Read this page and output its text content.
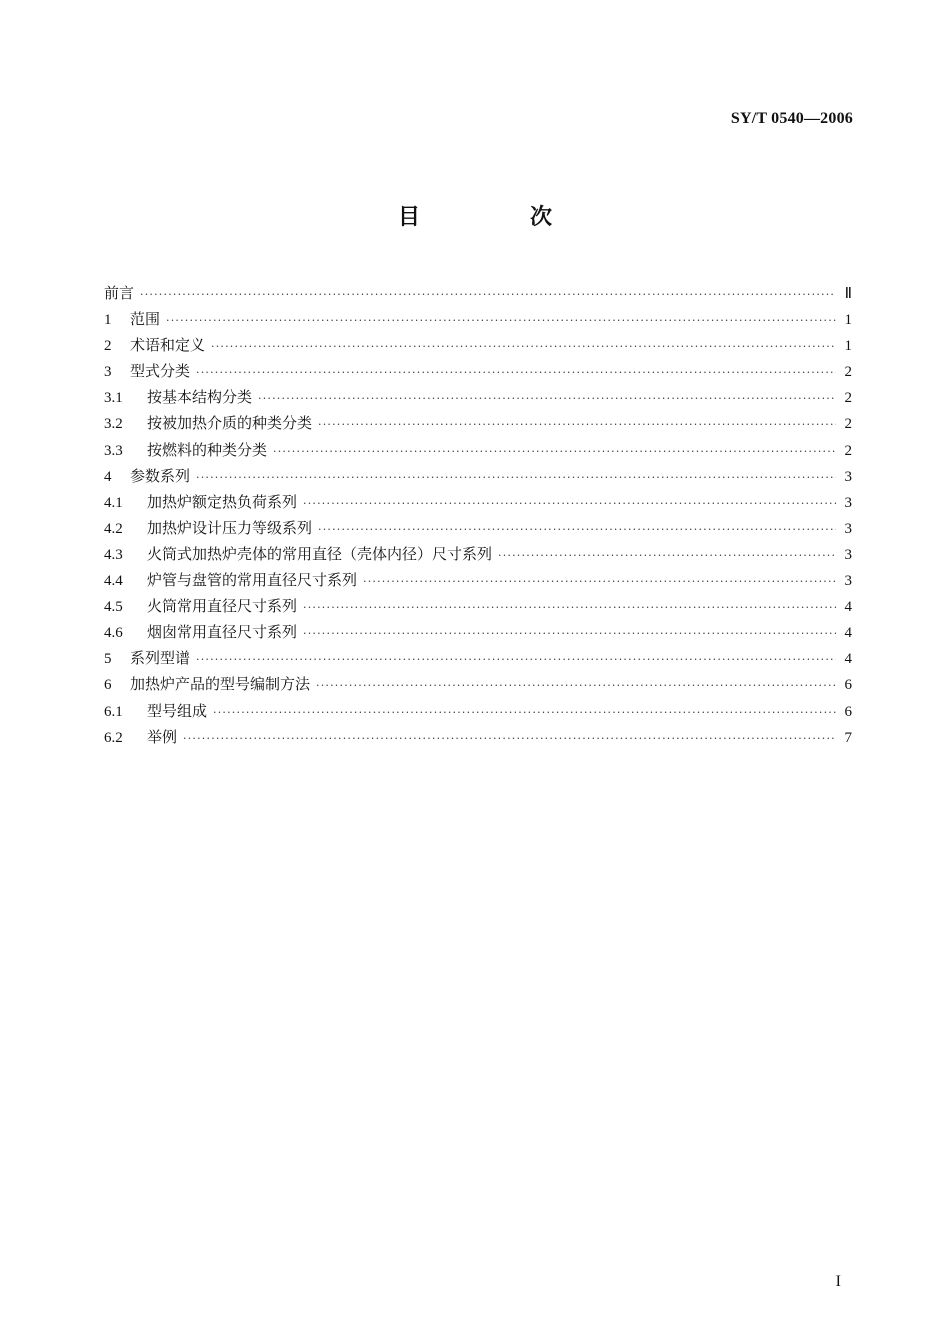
SY/T 0540—2006
目　次
前言 ·····	Ⅱ
1	范围 ·····	1
2	术语和定义 ·····	1
3	型式分类 ·····	2
3.1	按基本结构分类 ·····	2
3.2	按被加热介质的种类分类 ·····	2
3.3	按燃料的种类分类 ·····	2
4	参数系列 ·····	3
4.1	加热炉额定热负荷系列 ·····	3
4.2	加热炉设计压力等级系列 ·····	3
4.3	火筒式加热炉壳体的常用直径（壳体内径）尺寸系列 ·····	3
4.4	炉管与盘管的常用直径尺寸系列 ·····	3
4.5	火筒常用直径尺寸系列 ·····	4
4.6	烟囱常用直径尺寸系列 ·····	4
5	系列型谱 ·····	4
6	加热炉产品的型号编制方法 ·····	6
6.1	型号组成 ·····	6
6.2	举例 ·····	7
I
